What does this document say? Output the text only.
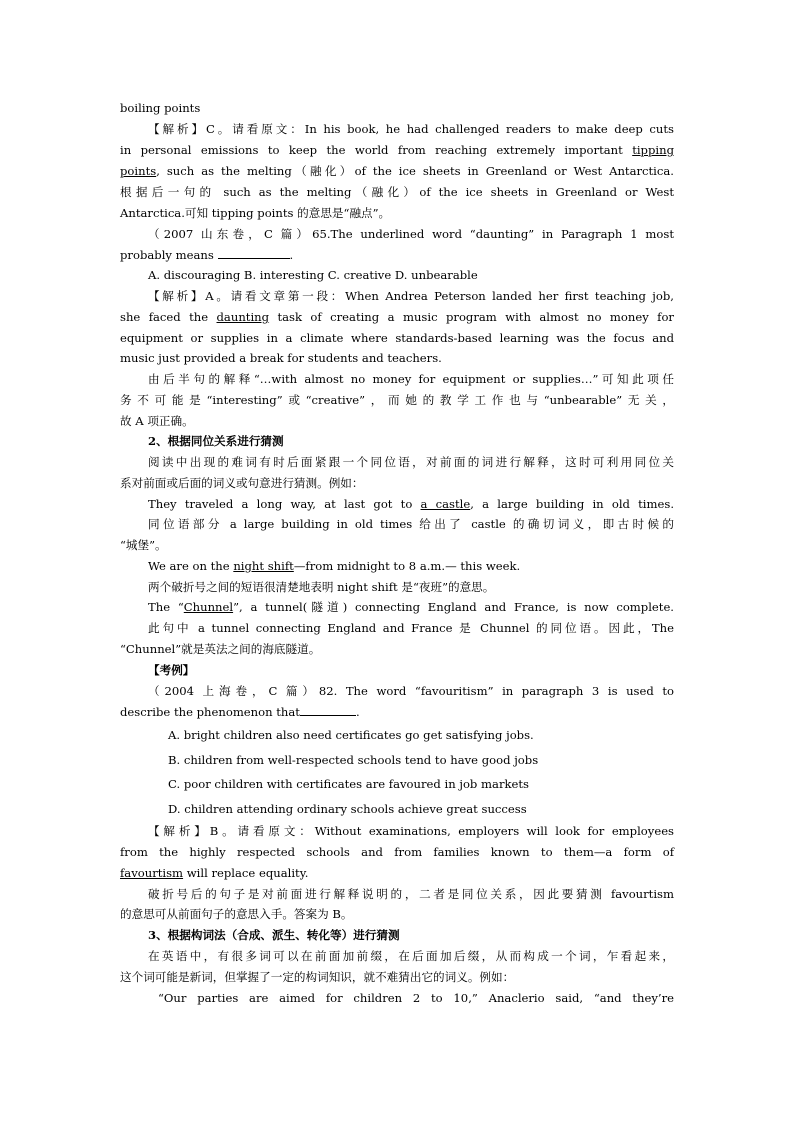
boiling points
【解析】C。请看原文：In his book, he had challenged readers to make deep cuts
in personal emissions to keep the world from reaching extremely important tipping
points, such as the melting（融化）of the ice sheets in Greenland or West Antarctica.
根据后一句的 such as the melting（融化）of the ice sheets in Greenland or West
Antarctica.可知 tipping points 的意思是“融点”。
（2007 山东卷，C 篇）65.The underlined word “daunting” in Paragraph 1 most
probably means	.
A. discouraging B. interesting C. creative D. unbearable
【解析】A。请看文章第一段：When Andrea Peterson landed her first teaching job,
she faced the daunting task of creating a music program with almost no money for
equipment or supplies in a climate where standards-based learning was the focus and
music just provided a break for students and teachers.
由后半句的解释“…with almost no money for equipment or supplies…”可知此项任
务不可能是“interesting”或“creative”，而她的教学工作也与“unbearable”无关，
故 A 项正确。
2、根据同位关系进行猜测
阅读中出现的难词有时后面紧跟一个同位语，对前面的词进行解释，这时可利用同位关
系对前面或后面的词义或句意进行猜测。例如：
They traveled a long way, at last got to a castle, a large building in old times.
同位语部分 a large building in old times 给出了 castle 的确切词义，即古时候的
“城堡”。
We are on the night shift—from midnight to 8 a.m.— this week.
两个破折号之间的短语很清楚地表明 night shift 是“夜班”的意思。
The “Chunnel”, a tunnel(隧道) connecting England and France, is now complete.
此句中 a tunnel connecting England and France 是 Chunnel 的同位语。因此，The
“Chunnel”就是英法之间的海底隧道。
【考例】
（2004 上海卷，C 篇）82. The word “favouritism” in paragraph 3 is used to
describe the phenomenon that	.
A. bright children also need certificates go get satisfying jobs.
B. children from well-respected schools tend to have good jobs
C. poor children with certificates are favoured in job markets
D. children attending ordinary schools achieve great success
【解析】B。请看原文：Without examinations, employers will look for employees
from the highly respected schools and from families known to them—a form of
favourtism will replace equality.
破折号后的句子是对前面进行解释说明的，二者是同位关系，因此要猜测 favourtism
的意思可从前面句子的意思入手。答案为 B。
3、根据构词法（合成、派生、转化等）进行猜测
在英语中，有很多词可以在前面加前缀，在后面加后缀，从而构成一个词，乍看起来，
这个词可能是新词，但掌握了一定的构词知识，就不难猜出它的词义。例如：
“Our parties are aimed for children 2 to 10,” Anaclerio said, “and they’re
